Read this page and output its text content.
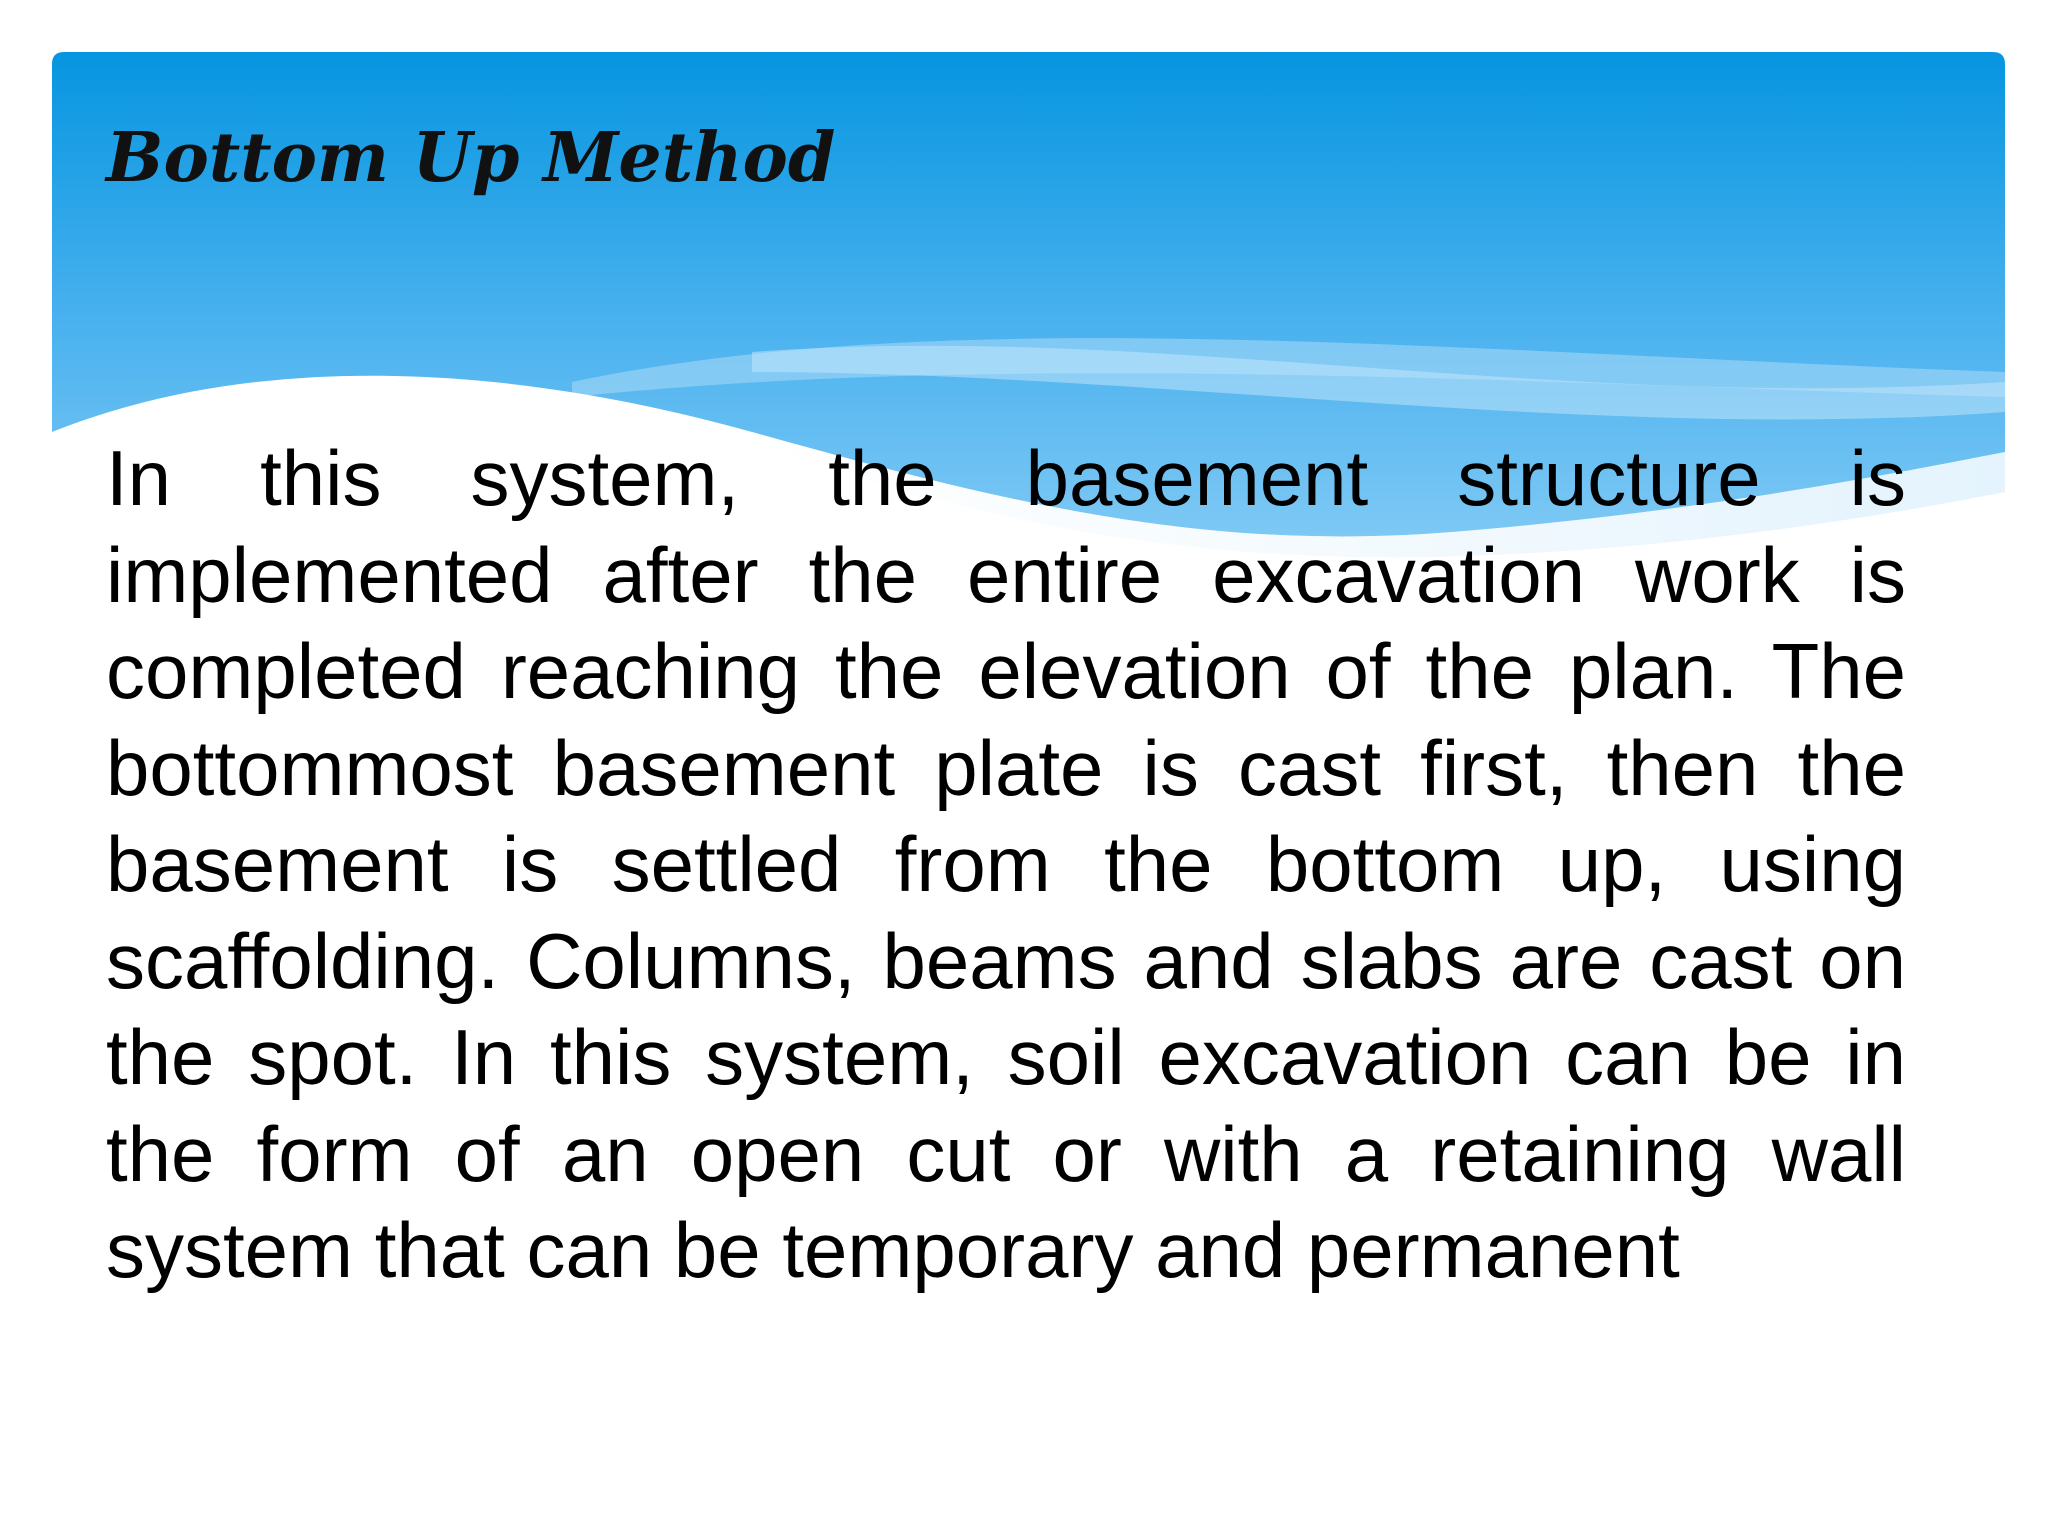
Bottom Up Method

In this system, the basement structure is implemented after the entire excavation work is completed reaching the elevation of the plan. The bottommost basement plate is cast first, then the basement is settled from the bottom up, using scaffolding. Columns, beams and slabs are cast on the spot. In this system, soil excavation can be in the form of an open cut or with a retaining wall system that can be temporary and permanent
